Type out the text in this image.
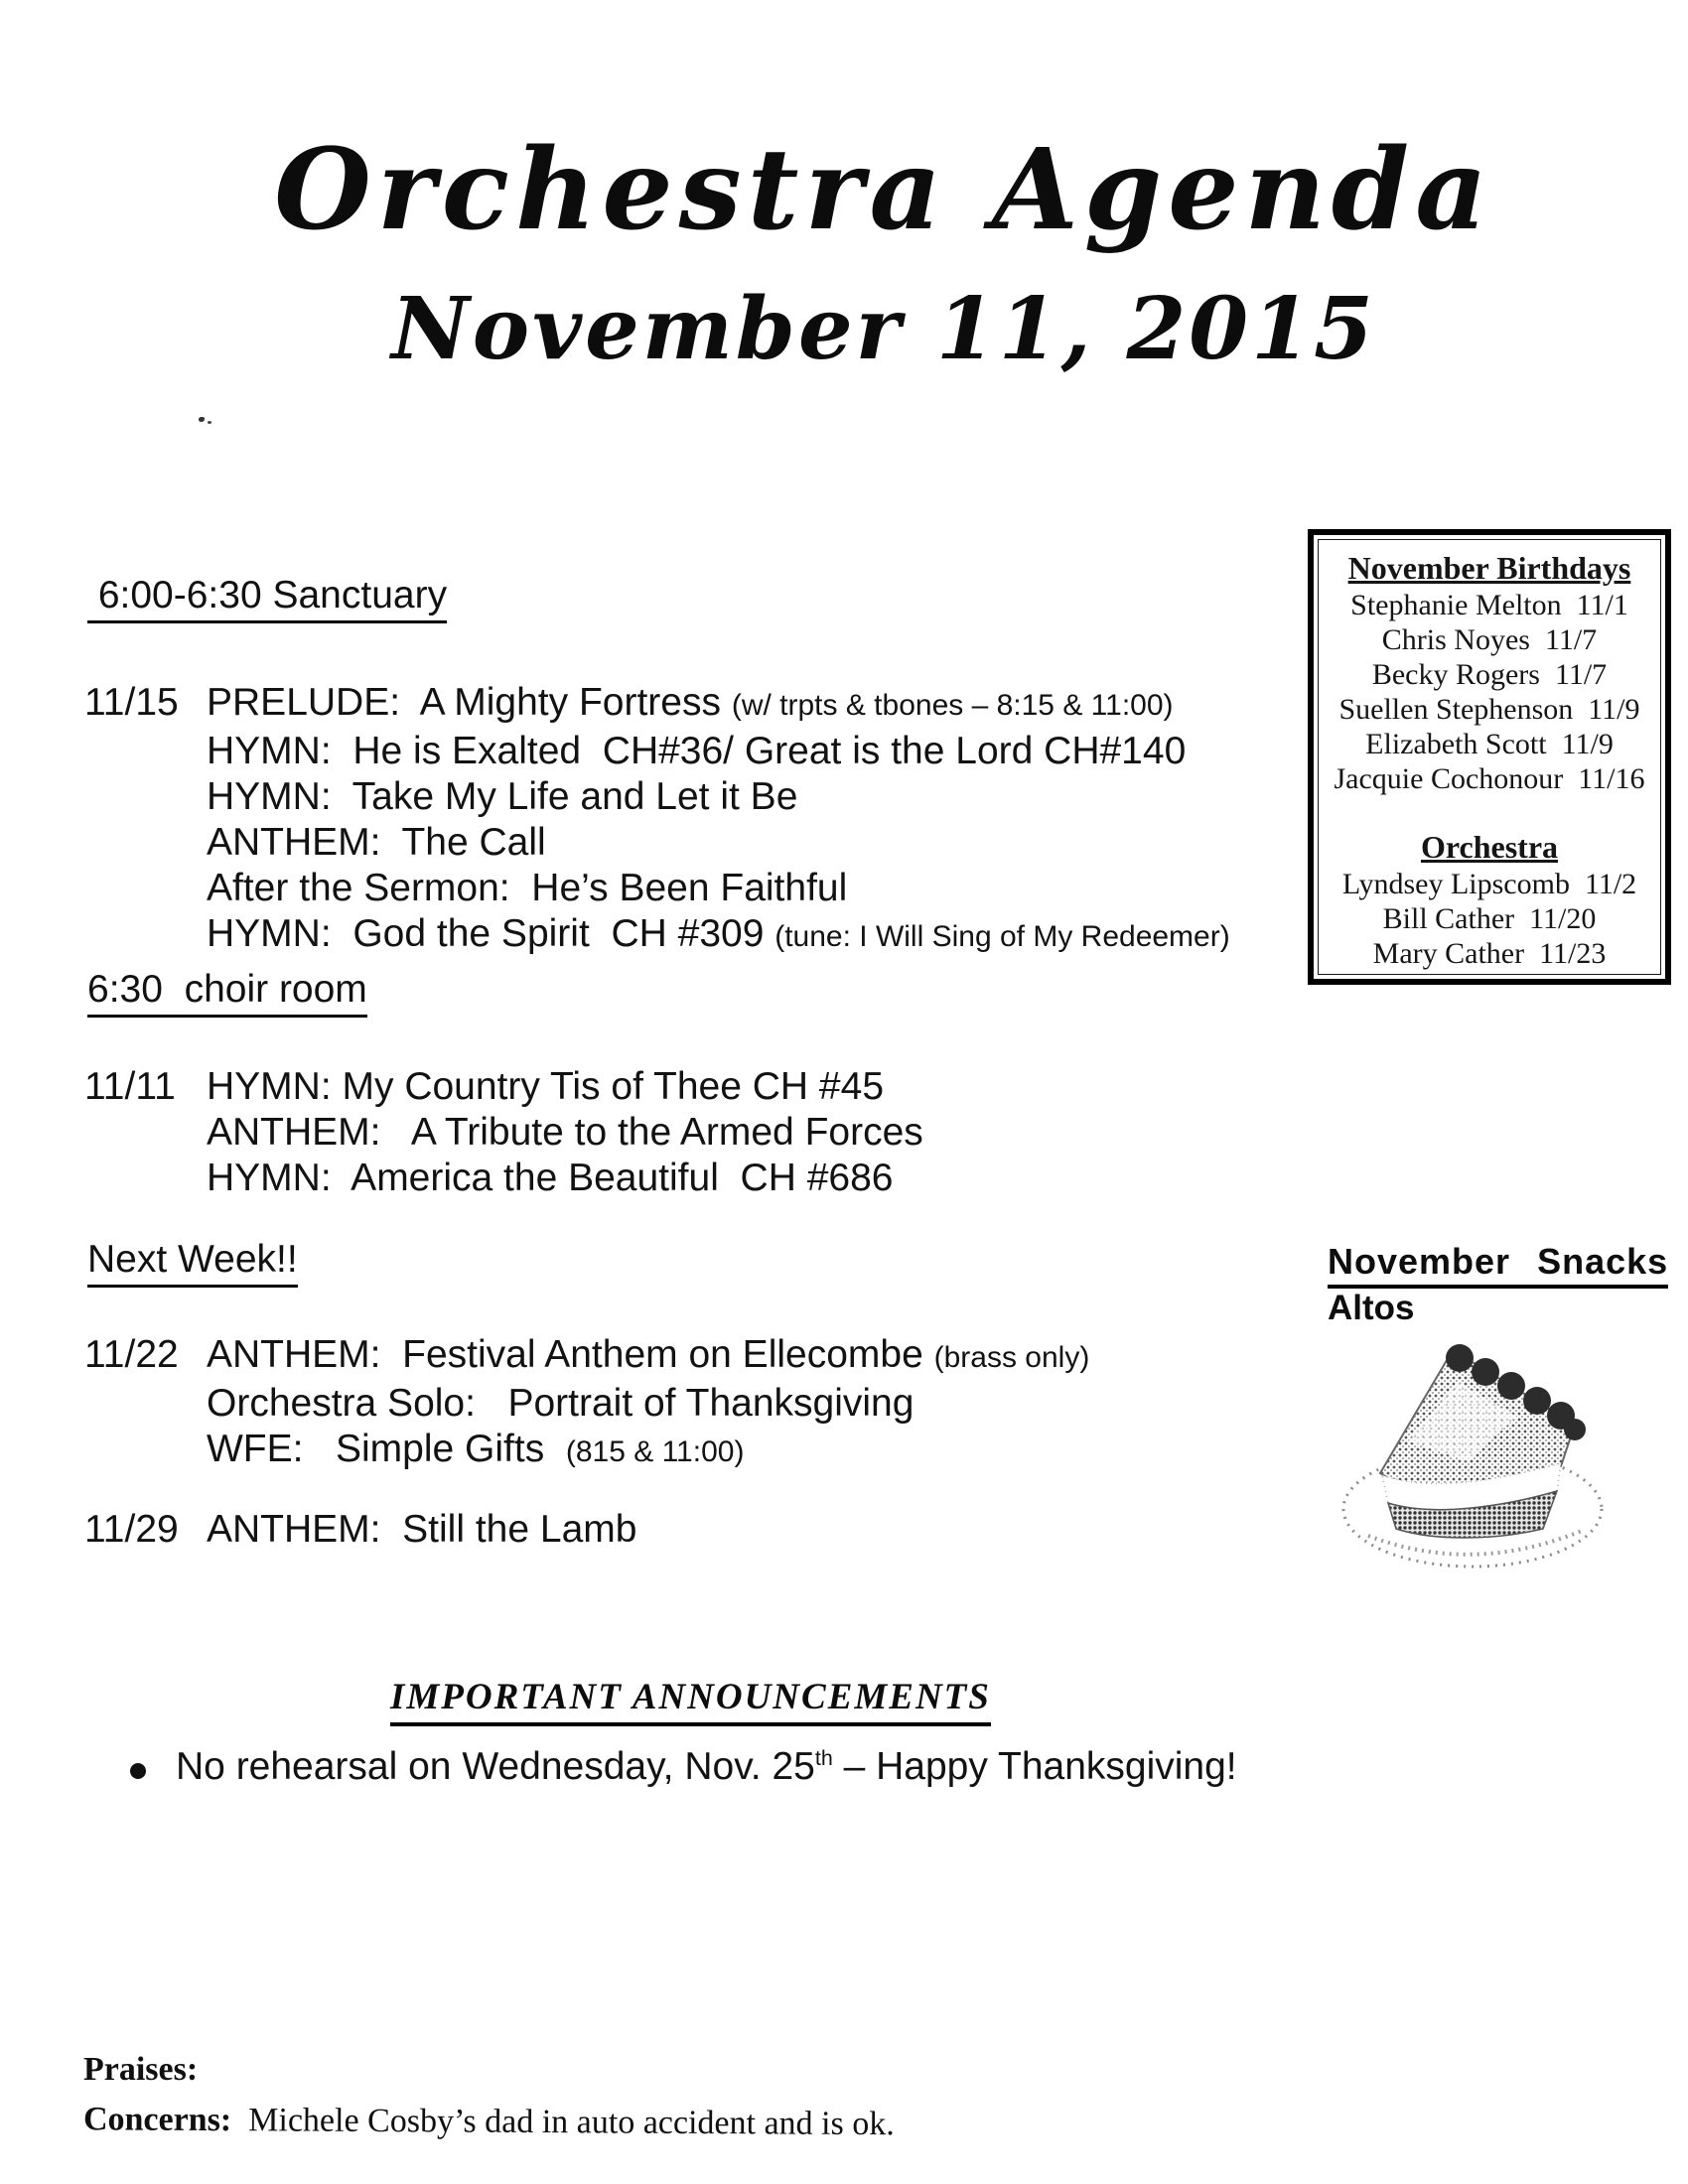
Orchestra Agenda
November 11, 2015
November Birthdays
Stephanie Melton  11/1
Chris Noyes  11/7
Becky Rogers  11/7
Suellen Stephenson  11/9
Elizabeth Scott  11/9
Jacquie Cochonour  11/16
Orchestra
Lyndsey Lipscomb  11/2
Bill Cather  11/20
Mary Cather  11/23
6:00-6:30 Sanctuary
11/15 PRELUDE:  A Mighty Fortress (w/ trpts & tbones – 8:15 & 11:00)
HYMN:  He is Exalted  CH#36/ Great is the Lord CH#140
HYMN:  Take My Life and Let it Be
ANTHEM:  The Call
After the Sermon:  He’s Been Faithful
HYMN:  God the Spirit  CH #309 (tune: I Will Sing of My Redeemer)
6:30  choir room
11/11 HYMN: My Country Tis of Thee CH #45
ANTHEM:   A Tribute to the Armed Forces
HYMN:  America the Beautiful  CH #686
Next Week!!
11/22 ANTHEM:  Festival Anthem on Ellecombe (brass only)
Orchestra Solo:   Portrait of Thanksgiving
WFE:   Simple Gifts  (815 & 11:00)
11/29 ANTHEM:  Still the Lamb
November Snacks
Altos
IMPORTANT ANNOUNCEMENTS
No rehearsal on Wednesday, Nov. 25th – Happy Thanksgiving!

Praises:

Concerns:  Michele Cosby’s dad in auto accident and is ok.
